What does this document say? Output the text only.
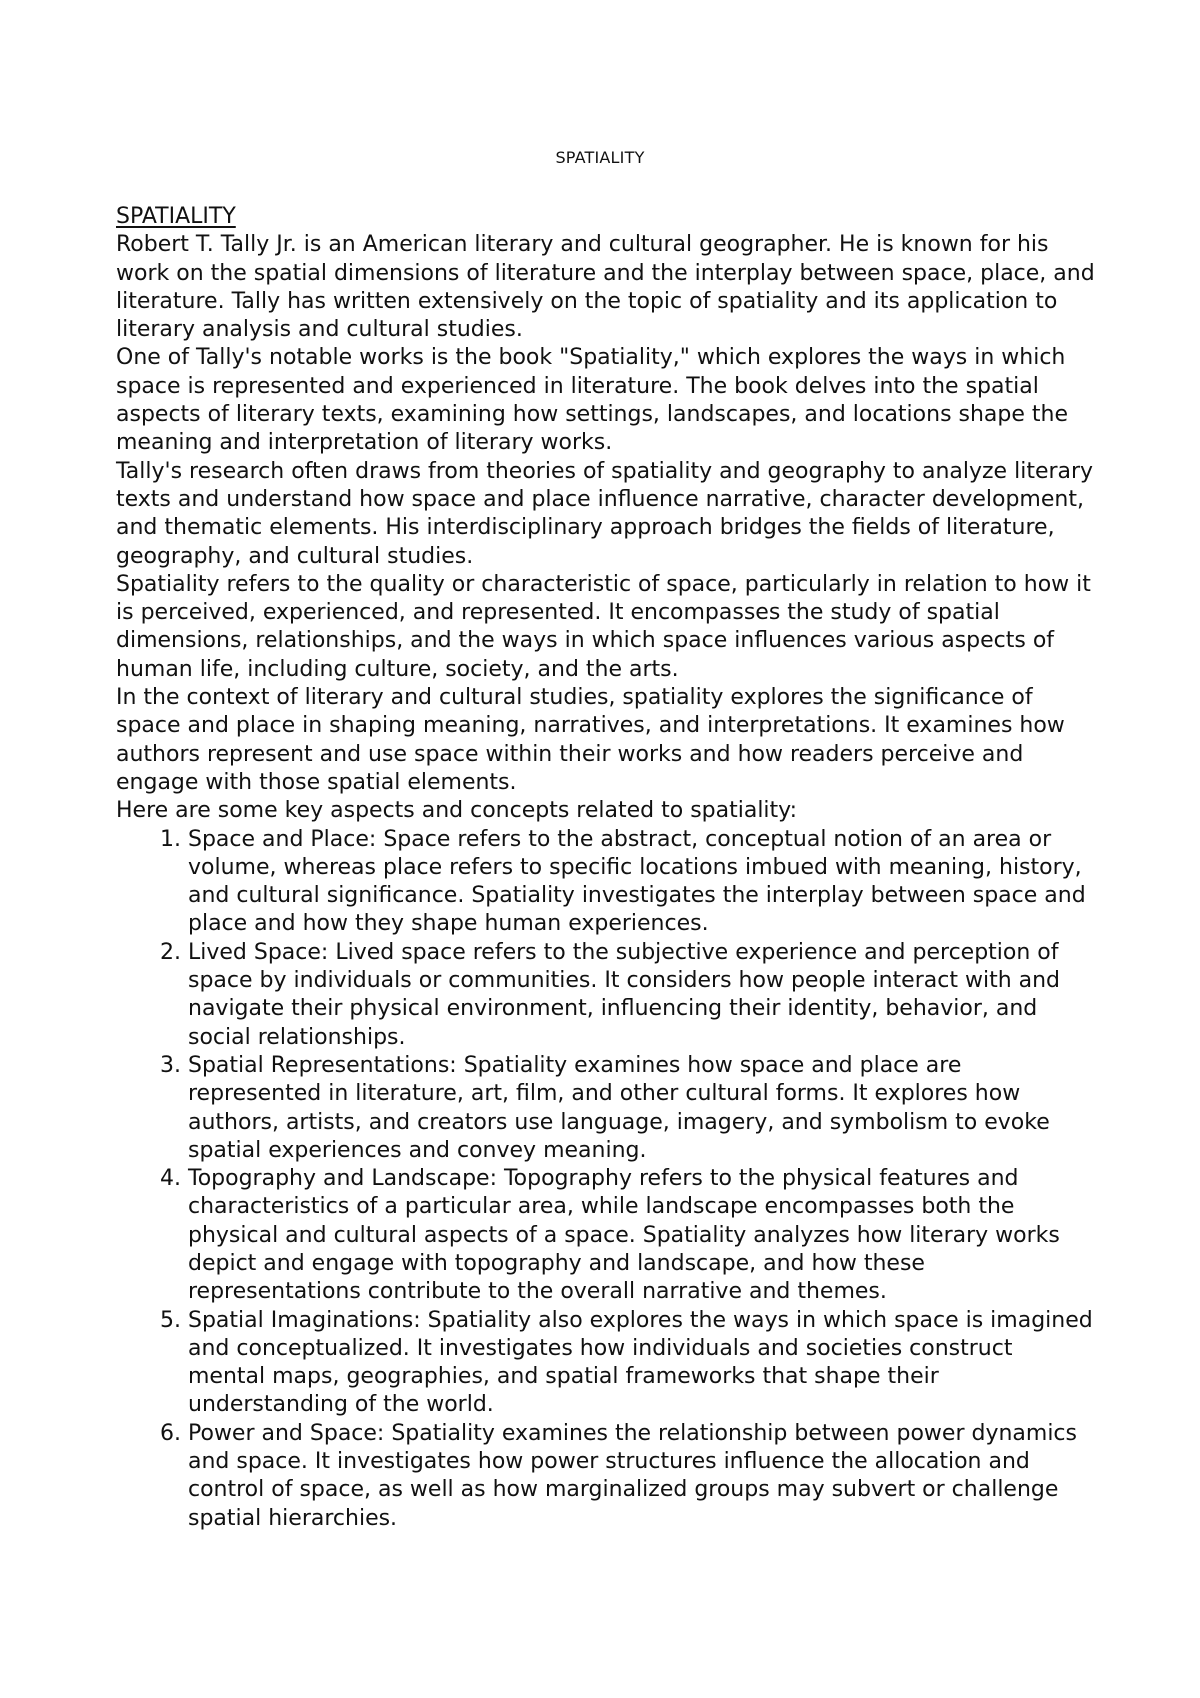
SPATIALITY

SPATIALITY

Robert T. Tally Jr. is an American literary and cultural geographer. He is known for his work on the spatial dimensions of literature and the interplay between space, place, and literature. Tally has written extensively on the topic of spatiality and its application to literary analysis and cultural studies.

One of Tally's notable works is the book "Spatiality," which explores the ways in which space is represented and experienced in literature. The book delves into the spatial aspects of literary texts, examining how settings, landscapes, and locations shape the meaning and interpretation of literary works.

Tally's research often draws from theories of spatiality and geography to analyze literary texts and understand how space and place influence narrative, character development, and thematic elements. His interdisciplinary approach bridges the fields of literature, geography, and cultural studies.

Spatiality refers to the quality or characteristic of space, particularly in relation to how it is perceived, experienced, and represented. It encompasses the study of spatial dimensions, relationships, and the ways in which space influences various aspects of human life, including culture, society, and the arts.

In the context of literary and cultural studies, spatiality explores the significance of space and place in shaping meaning, narratives, and interpretations. It examines how authors represent and use space within their works and how readers perceive and engage with those spatial elements.

Here are some key aspects and concepts related to spatiality:

1. Space and Place: Space refers to the abstract, conceptual notion of an area or volume, whereas place refers to specific locations imbued with meaning, history, and cultural significance. Spatiality investigates the interplay between space and place and how they shape human experiences.
2. Lived Space: Lived space refers to the subjective experience and perception of space by individuals or communities. It considers how people interact with and navigate their physical environment, influencing their identity, behavior, and social relationships.
3. Spatial Representations: Spatiality examines how space and place are represented in literature, art, film, and other cultural forms. It explores how authors, artists, and creators use language, imagery, and symbolism to evoke spatial experiences and convey meaning.
4. Topography and Landscape: Topography refers to the physical features and characteristics of a particular area, while landscape encompasses both the physical and cultural aspects of a space. Spatiality analyzes how literary works depict and engage with topography and landscape, and how these representations contribute to the overall narrative and themes.
5. Spatial Imaginations: Spatiality also explores the ways in which space is imagined and conceptualized. It investigates how individuals and societies construct mental maps, geographies, and spatial frameworks that shape their understanding of the world.
6. Power and Space: Spatiality examines the relationship between power dynamics and space. It investigates how power structures influence the allocation and control of space, as well as how marginalized groups may subvert or challenge spatial hierarchies.
